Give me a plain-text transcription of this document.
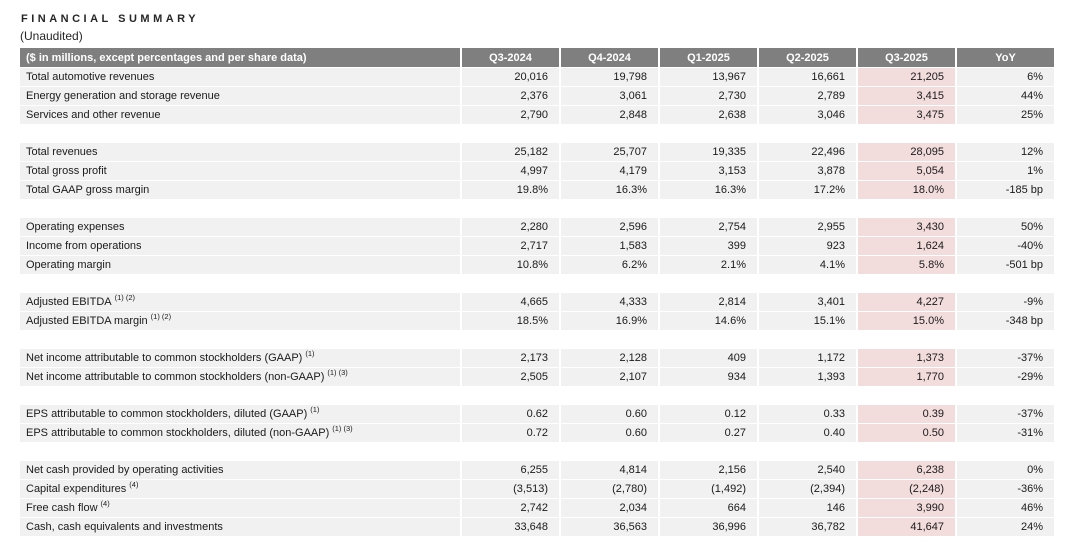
FINANCIAL SUMMARY
(Unaudited)
($ in millions, except percentages and per share data)	Q3-2024	Q4-2024	Q1-2025	Q2-2025	Q3-2025	YoY
Total automotive revenues	20,016	19,798	13,967	16,661	21,205	6%
Energy generation and storage revenue	2,376	3,061	2,730	2,789	3,415	44%
Services and other revenue	2,790	2,848	2,638	3,046	3,475	25%
Total revenues	25,182	25,707	19,335	22,496	28,095	12%
Total gross profit	4,997	4,179	3,153	3,878	5,054	1%
Total GAAP gross margin	19.8%	16.3%	16.3%	17.2%	18.0%	-185 bp
Operating expenses	2,280	2,596	2,754	2,955	3,430	50%
Income from operations	2,717	1,583	399	923	1,624	-40%
Operating margin	10.8%	6.2%	2.1%	4.1%	5.8%	-501 bp
Adjusted EBITDA (1) (2)	4,665	4,333	2,814	3,401	4,227	-9%
Adjusted EBITDA margin (1) (2)	18.5%	16.9%	14.6%	15.1%	15.0%	-348 bp
Net income attributable to common stockholders (GAAP) (1)	2,173	2,128	409	1,172	1,373	-37%
Net income attributable to common stockholders (non-GAAP) (1) (3)	2,505	2,107	934	1,393	1,770	-29%
EPS attributable to common stockholders, diluted (GAAP) (1)	0.62	0.60	0.12	0.33	0.39	-37%
EPS attributable to common stockholders, diluted (non-GAAP) (1) (3)	0.72	0.60	0.27	0.40	0.50	-31%
Net cash provided by operating activities	6,255	4,814	2,156	2,540	6,238	0%
Capital expenditures (4)	(3,513)	(2,780)	(1,492)	(2,394)	(2,248)	-36%
Free cash flow (4)	2,742	2,034	664	146	3,990	46%
Cash, cash equivalents and investments	33,648	36,563	36,996	36,782	41,647	24%
